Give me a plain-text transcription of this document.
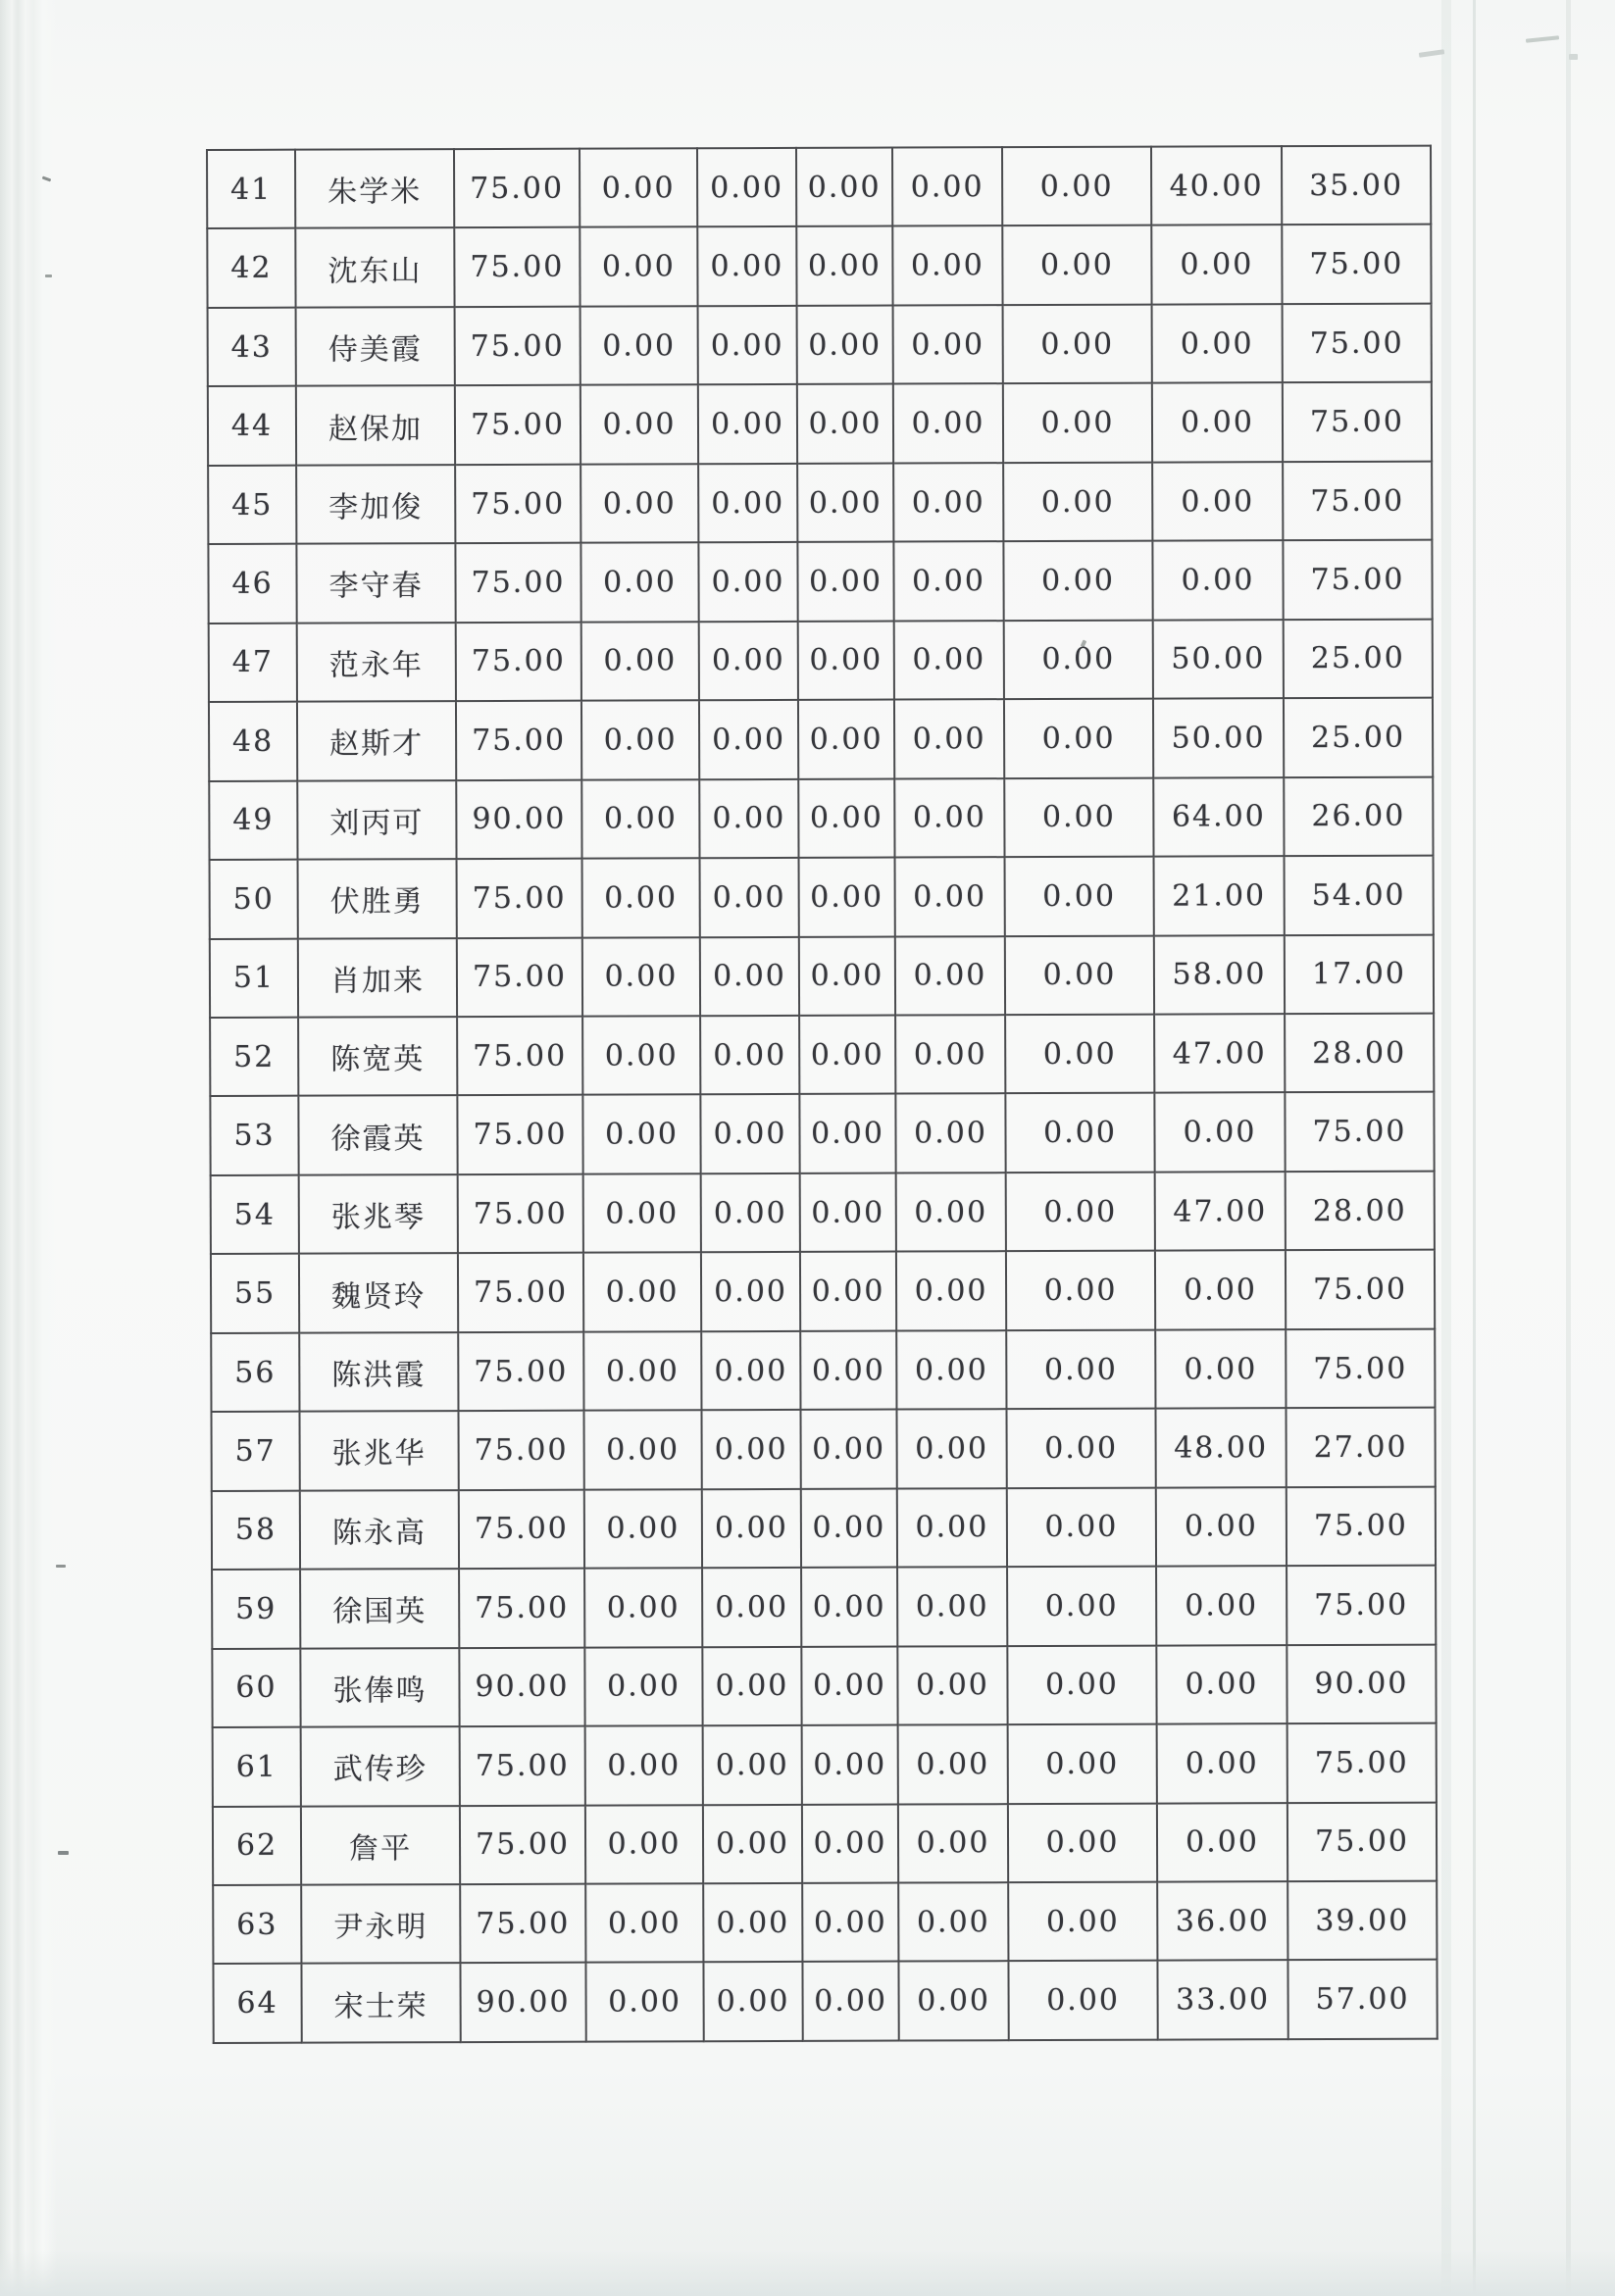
41	朱学米	75.00	0.00	0.00	0.00	0.00	0.00	40.00	35.00
42	沈东山	75.00	0.00	0.00	0.00	0.00	0.00	0.00	75.00
43	侍美霞	75.00	0.00	0.00	0.00	0.00	0.00	0.00	75.00
44	赵保加	75.00	0.00	0.00	0.00	0.00	0.00	0.00	75.00
45	李加俊	75.00	0.00	0.00	0.00	0.00	0.00	0.00	75.00
46	李守春	75.00	0.00	0.00	0.00	0.00	0.00	0.00	75.00
47	范永年	75.00	0.00	0.00	0.00	0.00	0.00	50.00	25.00
48	赵斯才	75.00	0.00	0.00	0.00	0.00	0.00	50.00	25.00
49	刘丙可	90.00	0.00	0.00	0.00	0.00	0.00	64.00	26.00
50	伏胜勇	75.00	0.00	0.00	0.00	0.00	0.00	21.00	54.00
51	肖加来	75.00	0.00	0.00	0.00	0.00	0.00	58.00	17.00
52	陈宽英	75.00	0.00	0.00	0.00	0.00	0.00	47.00	28.00
53	徐霞英	75.00	0.00	0.00	0.00	0.00	0.00	0.00	75.00
54	张兆琴	75.00	0.00	0.00	0.00	0.00	0.00	47.00	28.00
55	魏贤玲	75.00	0.00	0.00	0.00	0.00	0.00	0.00	75.00
56	陈洪霞	75.00	0.00	0.00	0.00	0.00	0.00	0.00	75.00
57	张兆华	75.00	0.00	0.00	0.00	0.00	0.00	48.00	27.00
58	陈永高	75.00	0.00	0.00	0.00	0.00	0.00	0.00	75.00
59	徐国英	75.00	0.00	0.00	0.00	0.00	0.00	0.00	75.00
60	张俸鸣	90.00	0.00	0.00	0.00	0.00	0.00	0.00	90.00
61	武传珍	75.00	0.00	0.00	0.00	0.00	0.00	0.00	75.00
62	詹平	75.00	0.00	0.00	0.00	0.00	0.00	0.00	75.00
63	尹永明	75.00	0.00	0.00	0.00	0.00	0.00	36.00	39.00
64	宋士荣	90.00	0.00	0.00	0.00	0.00	0.00	33.00	57.00
